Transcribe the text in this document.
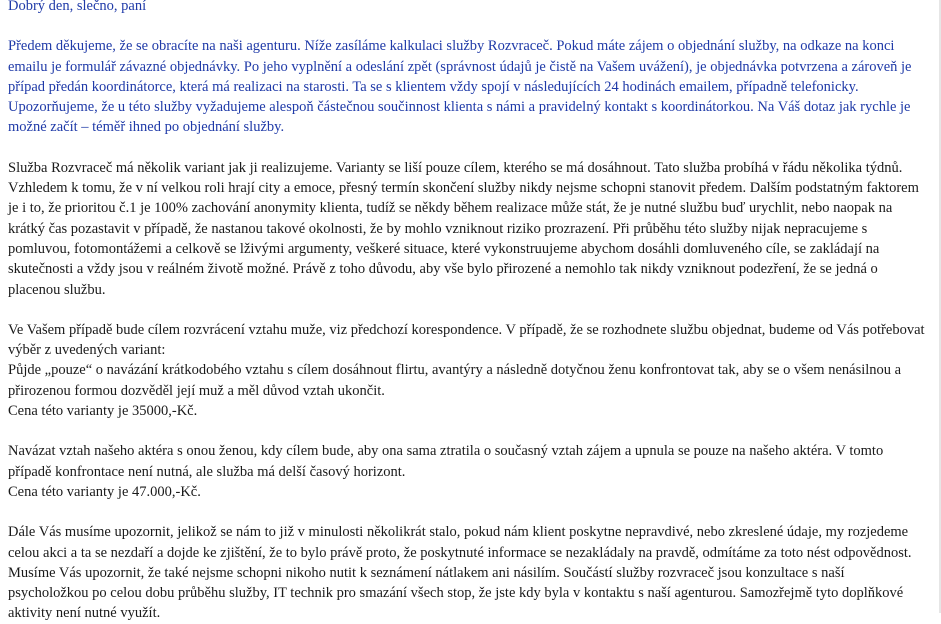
Dobrý den, slečno, paní

Předem děkujeme, že se obracíte na naši agenturu. Níže zasíláme kalkulaci služby Rozvraceč. Pokud máte zájem o objednání služby, na odkaze na konci emailu je formulář závazné objednávky. Po jeho vyplnění a odeslání zpět (správnost údajů je čistě na Vašem uvážení), je objednávka potvrzena a zároveň je případ předán koordinátorce, která má realizaci na starosti. Ta se s klientem vždy spojí v následujících 24 hodinách emailem, případně telefonicky. Upozorňujeme, že u této služby vyžadujeme alespoň částečnou součinnost klienta s námi a pravidelný kontakt s koordinátorkou. Na Váš dotaz jak rychle je možné začít – téměř ihned po objednání služby.

Služba Rozvraceč má několik variant jak ji realizujeme. Varianty se liší pouze cílem, kterého se má dosáhnout. Tato služba probíhá v řádu několika týdnů. Vzhledem k tomu, že v ní velkou roli hrají city a emoce, přesný termín skončení služby nikdy nejsme schopni stanovit předem. Dalším podstatným faktorem je i to, že prioritou č.1 je 100% zachování anonymity klienta, tudíž se někdy během realizace může stát, že je nutné službu buď urychlit, nebo naopak na krátký čas pozastavit v případě, že nastanou takové okolnosti, že by mohlo vzniknout riziko prozrazení. Při průběhu této služby nijak nepracujeme s pomluvou, fotomontážemi a celkově se lživými argumenty, veškeré situace, které vykonstruujeme abychom dosáhli domluveného cíle, se zakládají na skutečnosti a vždy jsou v reálném životě možné. Právě z toho důvodu, aby vše bylo přirozené a nemohlo tak nikdy vzniknout podezření, že se jedná o placenou službu.

Ve Vašem případě bude cílem rozvrácení vztahu muže, viz předchozí korespondence. V případě, že se rozhodnete službu objednat, budeme od Vás potřebovat výběr z uvedených variant:

Půjde „pouze“ o navázání krátkodobého vztahu s cílem dosáhnout flirtu, avantýry a následně dotyčnou ženu konfrontovat tak, aby se o všem nenásilnou a přirozenou formou dozvěděl její muž a měl důvod vztah ukončit.

Cena této varianty je 35000,-Kč.

Navázat vztah našeho aktéra s onou ženou, kdy cílem bude, aby ona sama ztratila o současný vztah zájem a upnula se pouze na našeho aktéra. V tomto případě konfrontace není nutná, ale služba má delší časový horizont.

Cena této varianty je 47.000,-Kč.

Dále Vás musíme upozornit, jelikož se nám to již v minulosti několikrát stalo, pokud nám klient poskytne nepravdivé, nebo zkreslené údaje, my rozjedeme celou akci a ta se nezdaří a dojde ke zjištění, že to bylo právě proto, že poskytnuté informace se nezakládaly na pravdě, odmítáme za toto nést odpovědnost. Musíme Vás upozornit, že také nejsme schopni nikoho nutit k seznámení nátlakem ani násilím. Součástí služby rozvraceč jsou konzultace s naší psycholožkou po celou dobu průběhu služby, IT technik pro smazání všech stop, že jste kdy byla v kontaktu s naší agenturou. Samozřejmě tyto doplňkové aktivity není nutné využít.
